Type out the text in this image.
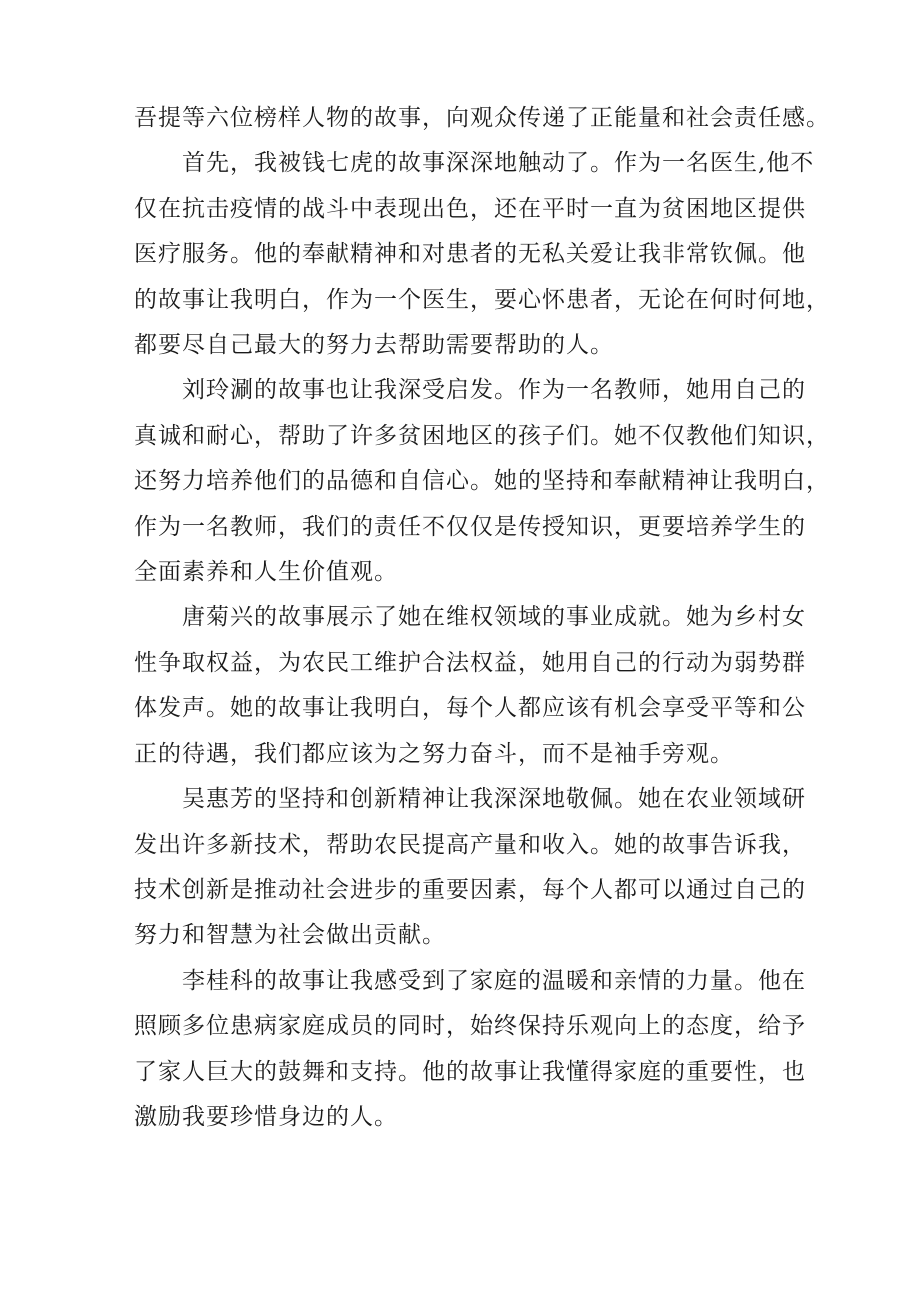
吾提等六位榜样人物的故事，向观众传递了正能量和社会责任感。
首先，我被钱七虎的故事深深地触动了。作为一名医生,他不
仅在抗击疫情的战斗中表现出色，还在平时一直为贫困地区提供
医疗服务。他的奉献精神和对患者的无私关爱让我非常钦佩。他
的故事让我明白，作为一个医生，要心怀患者，无论在何时何地，
都要尽自己最大的努力去帮助需要帮助的人。
刘玲涮的故事也让我深受启发。作为一名教师，她用自己的
真诚和耐心，帮助了许多贫困地区的孩子们。她不仅教他们知识，
还努力培养他们的品德和自信心。她的坚持和奉献精神让我明白，
作为一名教师，我们的责任不仅仅是传授知识，更要培养学生的
全面素养和人生价值观。
唐菊兴的故事展示了她在维权领域的事业成就。她为乡村女
性争取权益，为农民工维护合法权益，她用自己的行动为弱势群
体发声。她的故事让我明白，每个人都应该有机会享受平等和公
正的待遇，我们都应该为之努力奋斗，而不是袖手旁观。
吴惠芳的坚持和创新精神让我深深地敬佩。她在农业领域研
发出许多新技术，帮助农民提高产量和收入。她的故事告诉我，
技术创新是推动社会进步的重要因素，每个人都可以通过自己的
努力和智慧为社会做出贡献。
李桂科的故事让我感受到了家庭的温暖和亲情的力量。他在
照顾多位患病家庭成员的同时，始终保持乐观向上的态度，给予
了家人巨大的鼓舞和支持。他的故事让我懂得家庭的重要性，也
激励我要珍惜身边的人。
